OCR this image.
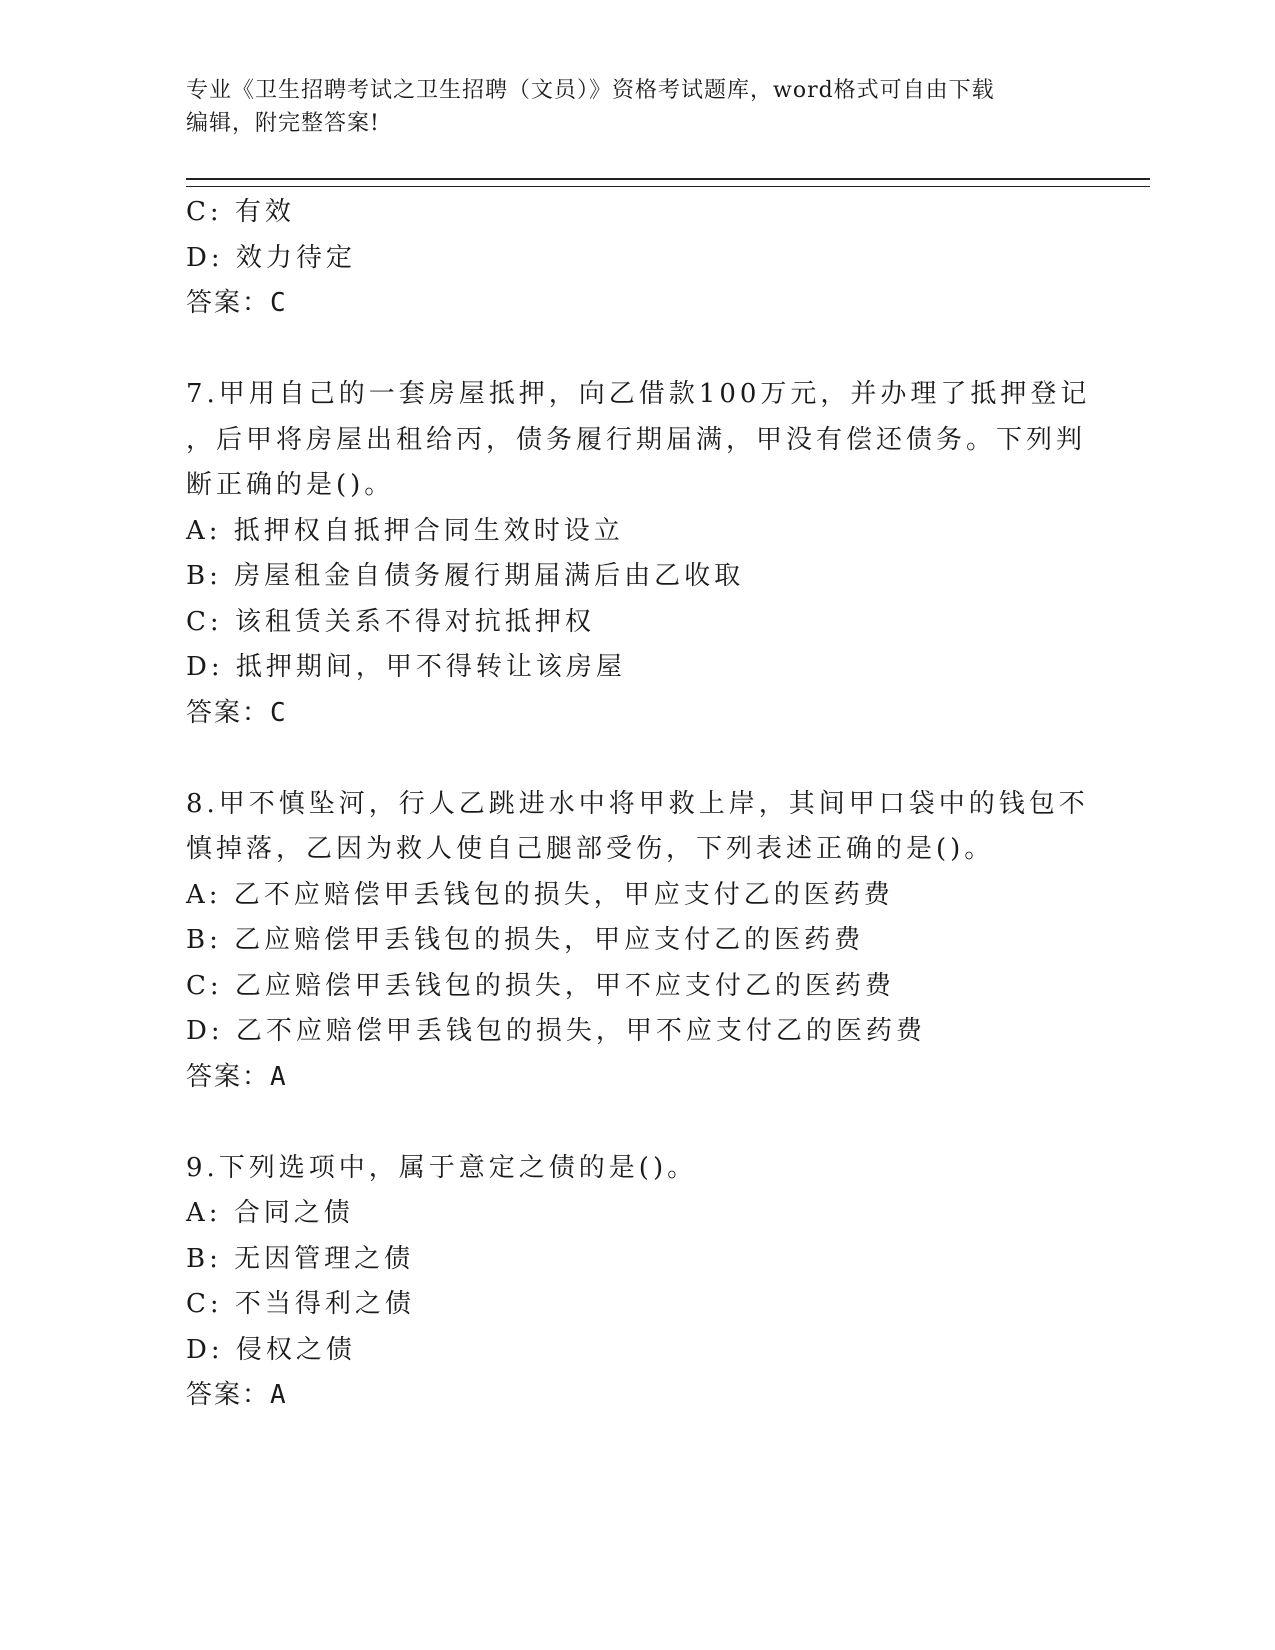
专业《卫生招聘考试之卫生招聘（文员）》资格考试题库，word格式可自由下载
编辑，附完整答案!
C: 有效
D: 效力待定
答案：C
7.甲用自己的一套房屋抵押，向乙借款100万元，并办理了抵押登记
，后甲将房屋出租给丙，债务履行期届满，甲没有偿还债务。下列判
断正确的是()。
A: 抵押权自抵押合同生效时设立
B: 房屋租金自债务履行期届满后由乙收取
C: 该租赁关系不得对抗抵押权
D: 抵押期间，甲不得转让该房屋
答案：C
8.甲不慎坠河，行人乙跳进水中将甲救上岸，其间甲口袋中的钱包不
慎掉落，乙因为救人使自己腿部受伤，下列表述正确的是()。
A: 乙不应赔偿甲丢钱包的损失，甲应支付乙的医药费
B: 乙应赔偿甲丢钱包的损失，甲应支付乙的医药费
C: 乙应赔偿甲丢钱包的损失，甲不应支付乙的医药费
D: 乙不应赔偿甲丢钱包的损失，甲不应支付乙的医药费
答案：A
9.下列选项中，属于意定之债的是()。
A: 合同之债
B: 无因管理之债
C: 不当得利之债
D: 侵权之债
答案：A
